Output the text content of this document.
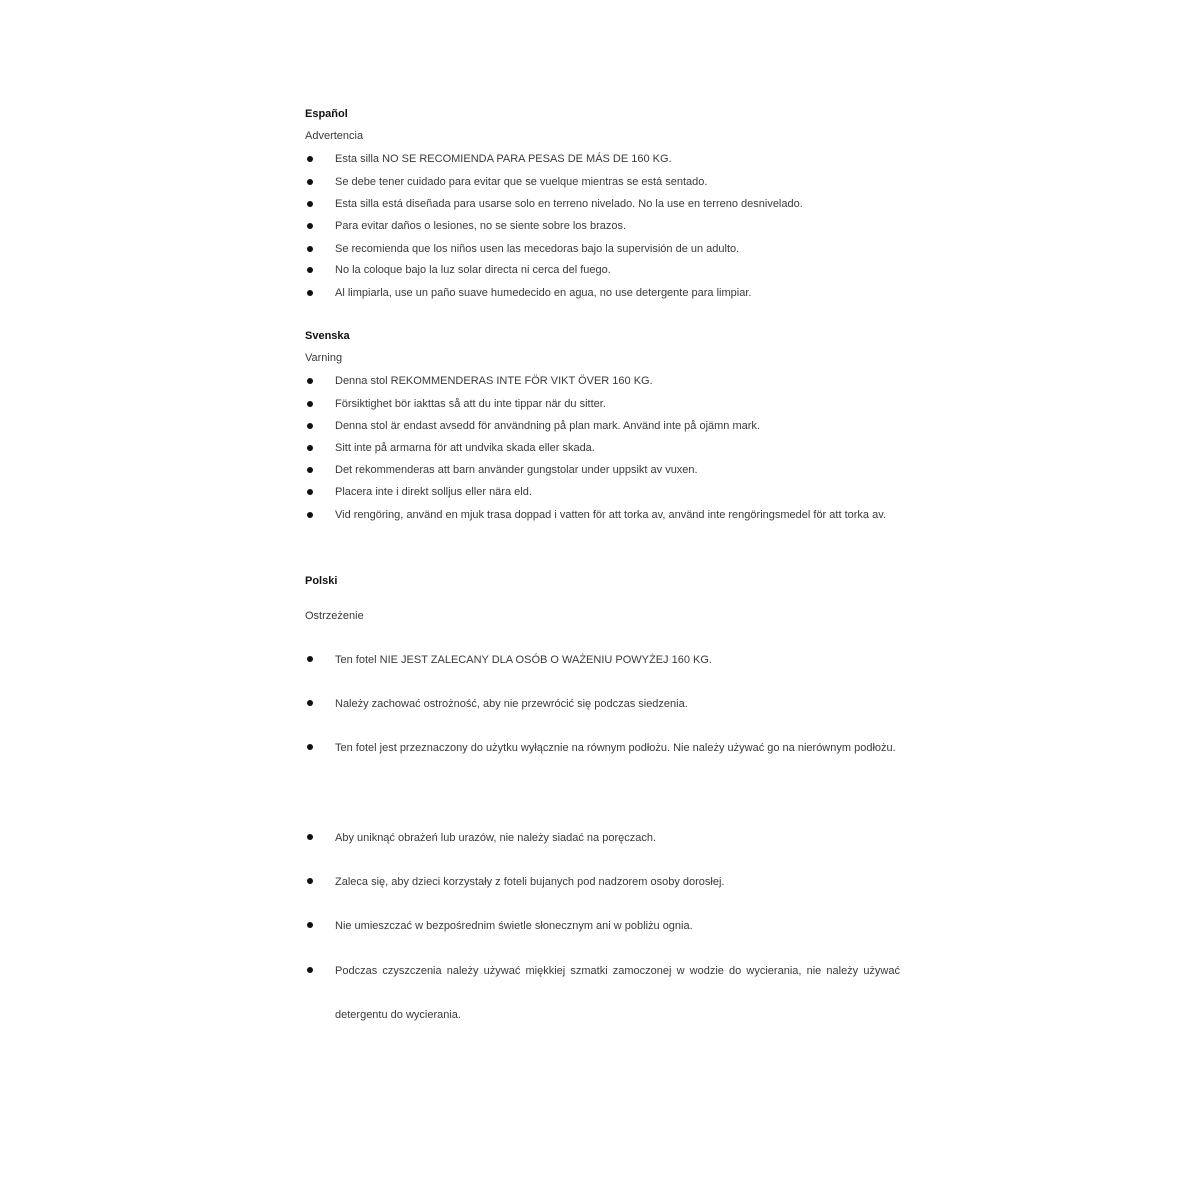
Español
Advertencia
Esta silla NO SE RECOMIENDA PARA PESAS DE MÁS DE 160 KG.
Se debe tener cuidado para evitar que se vuelque mientras se está sentado.
Esta silla está diseñada para usarse solo en terreno nivelado. No la use en terreno desnivelado.
Para evitar daños o lesiones, no se siente sobre los brazos.
Se recomienda que los niños usen las mecedoras bajo la supervisión de un adulto.
No la coloque bajo la luz solar directa ni cerca del fuego.
Al limpiarla, use un paño suave humedecido en agua, no use detergente para limpiar.
Svenska
Varning
Denna stol REKOMMENDERAS INTE FÖR VIKT ÖVER 160 KG.
Försiktighet bör iakttas så att du inte tippar när du sitter.
Denna stol är endast avsedd för användning på plan mark. Använd inte på ojämn mark.
Sitt inte på armarna för att undvika skada eller skada.
Det rekommenderas att barn använder gungstolar under uppsikt av vuxen.
Placera inte i direkt solljus eller nära eld.
Vid rengöring, använd en mjuk trasa doppad i vatten för att torka av, använd inte rengöringsmedel för att torka av.
Polski
Ostrzeżenie
Ten fotel NIE JEST ZALECANY DLA OSÓB O WAŻENIU POWYŻEJ 160 KG.
Należy zachować ostrożność, aby nie przewrócić się podczas siedzenia.
Ten fotel jest przeznaczony do użytku wyłącznie na równym podłożu. Nie należy używać go na nierównym podłożu.
Aby uniknąć obrażeń lub urazów, nie należy siadać na poręczach.
Zaleca się, aby dzieci korzystały z foteli bujanych pod nadzorem osoby dorosłej.
Nie umieszczać w bezpośrednim świetle słonecznym ani w pobliżu ognia.
Podczas czyszczenia należy używać miękkiej szmatki zamoczonej w wodzie do wycierania, nie należy używać detergentu do wycierania.
